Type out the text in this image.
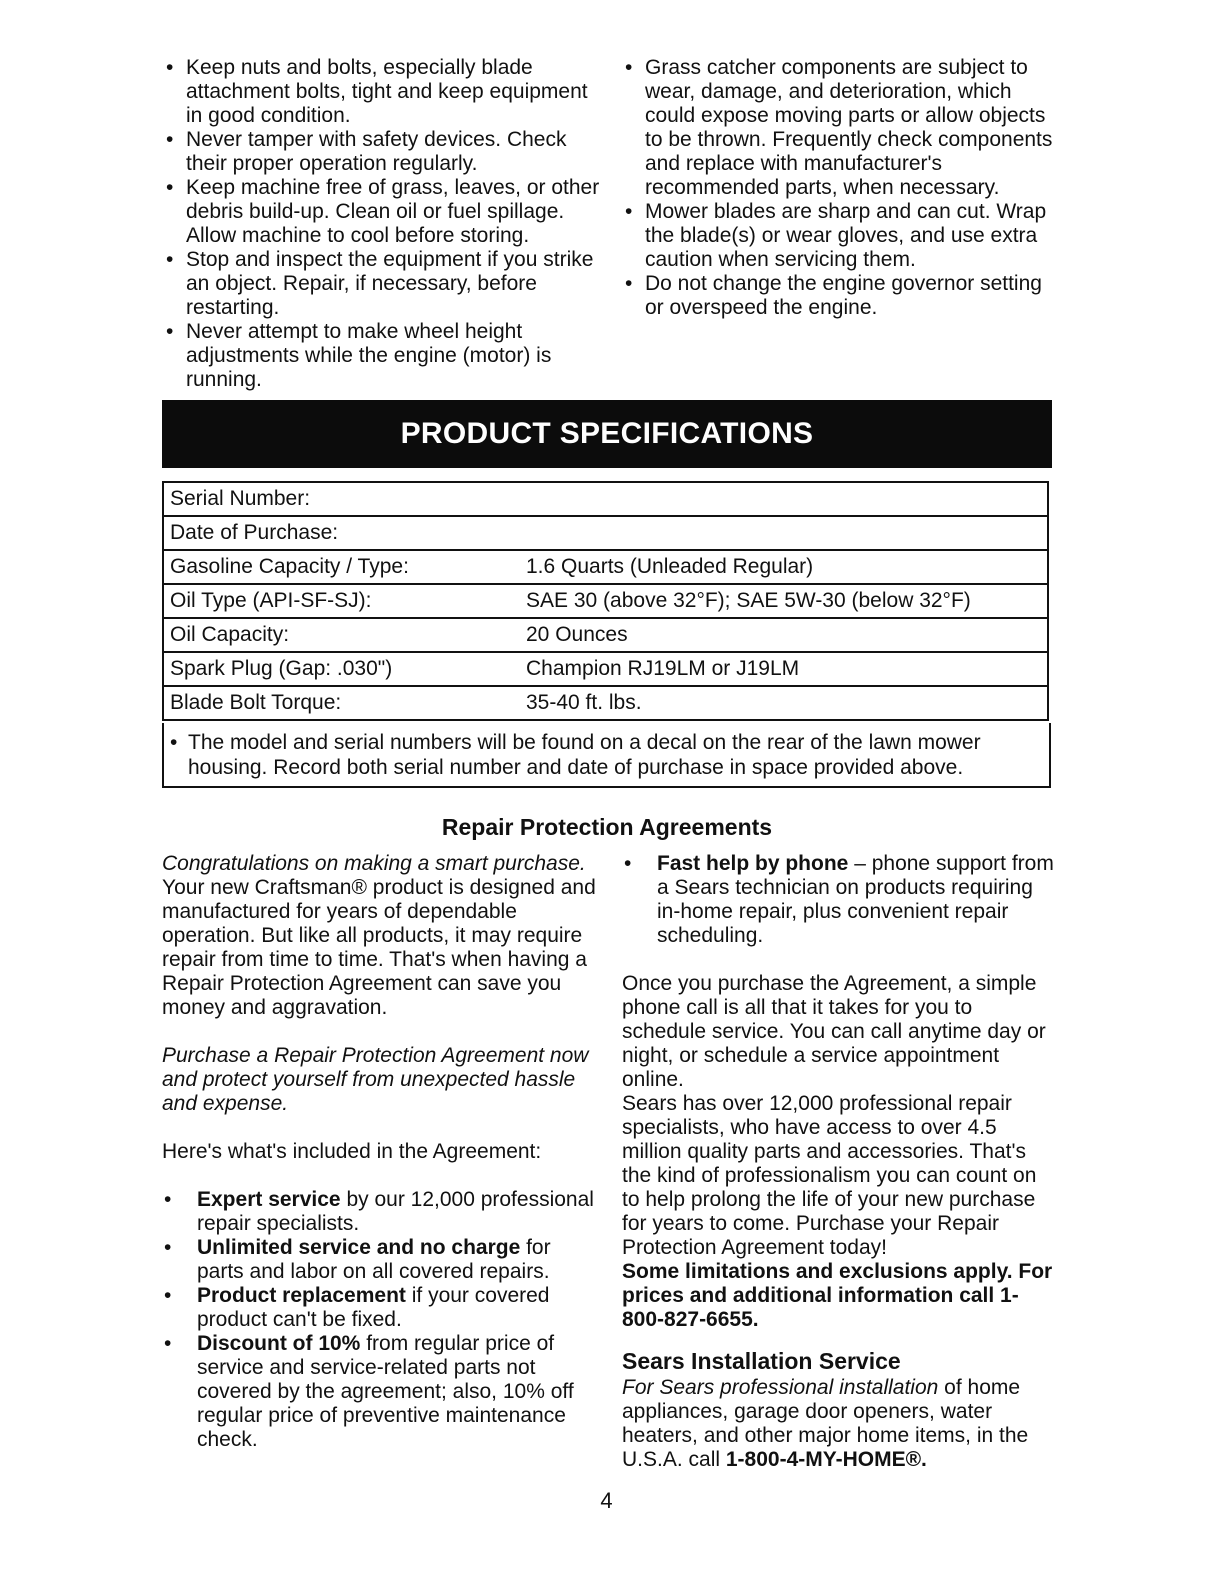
• Keep nuts and bolts, especially blade attachment bolts, tight and keep equipment in good condition.
• Never tamper with safety devices. Check their proper operation regularly.
• Keep machine free of grass, leaves, or other debris build-up. Clean oil or fuel spillage. Allow machine to cool before storing.
• Stop and inspect the equipment if you strike an object. Repair, if necessary, before restarting.
• Never attempt to make wheel height adjustments while the engine (motor) is running.
• Grass catcher components are subject to wear, damage, and deterioration, which could expose moving parts or allow objects to be thrown. Frequently check components and replace with manufacturer's recommended parts, when necessary.
• Mower blades are sharp and can cut. Wrap the blade(s) or wear gloves, and use extra caution when servicing them.
• Do not change the engine governor setting or overspeed the engine.
PRODUCT SPECIFICATIONS
Serial Number:	
Date of Purchase:	
Gasoline Capacity / Type:	1.6 Quarts (Unleaded Regular)
Oil Type (API-SF-SJ):	SAE 30 (above 32°F); SAE 5W-30 (below 32°F)
Oil Capacity:	20 Ounces
Spark Plug (Gap: .030")	Champion RJ19LM or J19LM
Blade Bolt Torque:	35-40 ft. lbs.
• The model and serial numbers will be found on a decal on the rear of the lawn mower housing. Record both serial number and date of purchase in space provided above.
Repair Protection Agreements

Congratulations on making a smart purchase. Your new Craftsman® product is designed and manufactured for years of dependable operation. But like all products, it may require repair from time to time. That's when having a Repair Protection Agreement can save you money and aggravation.

Purchase a Repair Protection Agreement now and protect yourself from unexpected hassle and expense.

Here's what's included in the Agreement:

• Expert service by our 12,000 professional repair specialists.
• Unlimited service and no charge for parts and labor on all covered repairs.
• Product replacement if your covered product can't be fixed.
• Discount of 10% from regular price of service and service-related parts not covered by the agreement; also, 10% off regular price of preventive maintenance check.
• Fast help by phone – phone support from a Sears technician on products requiring in-home repair, plus convenient repair scheduling.

Once you purchase the Agreement, a simple phone call is all that it takes for you to schedule service. You can call anytime day or night, or schedule a service appointment online.

Sears has over 12,000 professional repair specialists, who have access to over 4.5 million quality parts and accessories. That's the kind of professionalism you can count on to help prolong the life of your new purchase for years to come. Purchase your Repair Protection Agreement today!

Some limitations and exclusions apply. For prices and additional information call 1-800-827-6655.

Sears Installation Service

For Sears professional installation of home appliances, garage door openers, water heaters, and other major home items, in the U.S.A. call 1-800-4-MY-HOME®.

4
